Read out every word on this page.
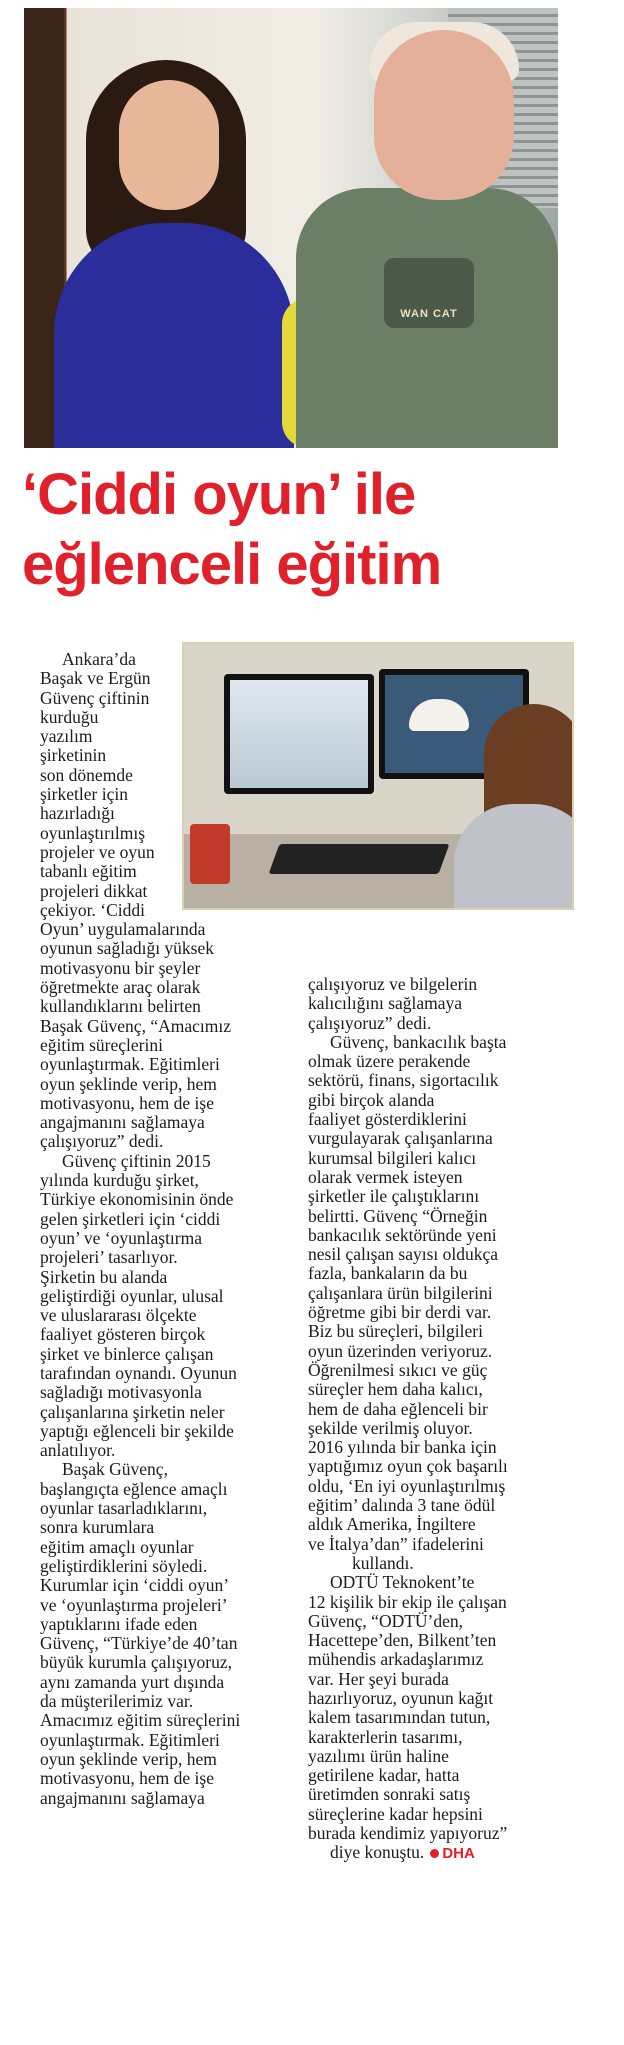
WAN CAT
‘Ciddi oyun’ ile
eğlenceli eğitim
Ankara’da
Başak ve Ergün
Güvenç çiftinin
kurduğu
yazılım
şirketinin
son dönemde
şirketler için
hazırladığı
oyunlaştırılmış
projeler ve oyun
tabanlı eğitim
projeleri dikkat
çekiyor. ‘Ciddi
Oyun’ uygulamalarında
oyunun sağladığı yüksek
motivasyonu bir şeyler
öğretmekte araç olarak
kullandıklarını belirten
Başak Güvenç, “Amacımız
eğitim süreçlerini
oyunlaştırmak. Eğitimleri
oyun şeklinde verip, hem
motivasyonu, hem de işe
angajmanını sağlamaya
çalışıyoruz” dedi.
Güvenç çiftinin 2015
yılında kurduğu şirket,
Türkiye ekonomisinin önde
gelen şirketleri için ‘ciddi
oyun’ ve ‘oyunlaştırma
projeleri’ tasarlıyor.
Şirketin bu alanda
geliştirdiği oyunlar, ulusal
ve uluslararası ölçekte
faaliyet gösteren birçok
şirket ve binlerce çalışan
tarafından oynandı. Oyunun
sağladığı motivasyonla
çalışanlarına şirketin neler
yaptığı eğlenceli bir şekilde
anlatılıyor.
Başak Güvenç,
başlangıçta eğlence amaçlı
oyunlar tasarladıklarını,
sonra kurumlara
eğitim amaçlı oyunlar
geliştirdiklerini söyledi.
Kurumlar için ‘ciddi oyun’
ve ‘oyunlaştırma projeleri’
yaptıklarını ifade eden
Güvenç, “Türkiye’de 40’tan
büyük kurumla çalışıyoruz,
aynı zamanda yurt dışında
da müşterilerimiz var.
Amacımız eğitim süreçlerini
oyunlaştırmak. Eğitimleri
oyun şeklinde verip, hem
motivasyonu, hem de işe
angajmanını sağlamaya
çalışıyoruz ve bilgelerin
kalıcılığını sağlamaya
çalışıyoruz” dedi.
Güvenç, bankacılık başta
olmak üzere perakende
sektörü, finans, sigortacılık
gibi birçok alanda
faaliyet gösterdiklerini
vurgulayarak çalışanlarına
kurumsal bilgileri kalıcı
olarak vermek isteyen
şirketler ile çalıştıklarını
belirtti. Güvenç “Örneğin
bankacılık sektöründe yeni
nesil çalışan sayısı oldukça
fazla, bankaların da bu
çalışanlara ürün bilgilerini
öğretme gibi bir derdi var.
Biz bu süreçleri, bilgileri
oyun üzerinden veriyoruz.
Öğrenilmesi sıkıcı ve güç
süreçler hem daha kalıcı,
hem de daha eğlenceli bir
şekilde verilmiş oluyor.
2016 yılında bir banka için
yaptığımız oyun çok başarılı
oldu, ‘En iyi oyunlaştırılmış
eğitim’ dalında 3 tane ödül
aldık Amerika, İngiltere
ve İtalya’dan” ifadelerini
kullandı.
ODTÜ Teknokent’te
12 kişilik bir ekip ile çalışan
Güvenç, “ODTÜ’den,
Hacettepe’den, Bilkent’ten
mühendis arkadaşlarımız
var. Her şeyi burada
hazırlıyoruz, oyunun kağıt
kalem tasarımından tutun,
karakterlerin tasarımı,
yazılımı ürün haline
getirilene kadar, hatta
üretimden sonraki satış
süreçlerine kadar hepsini
burada kendimiz yapıyoruz”
diye konuştu. DHA
